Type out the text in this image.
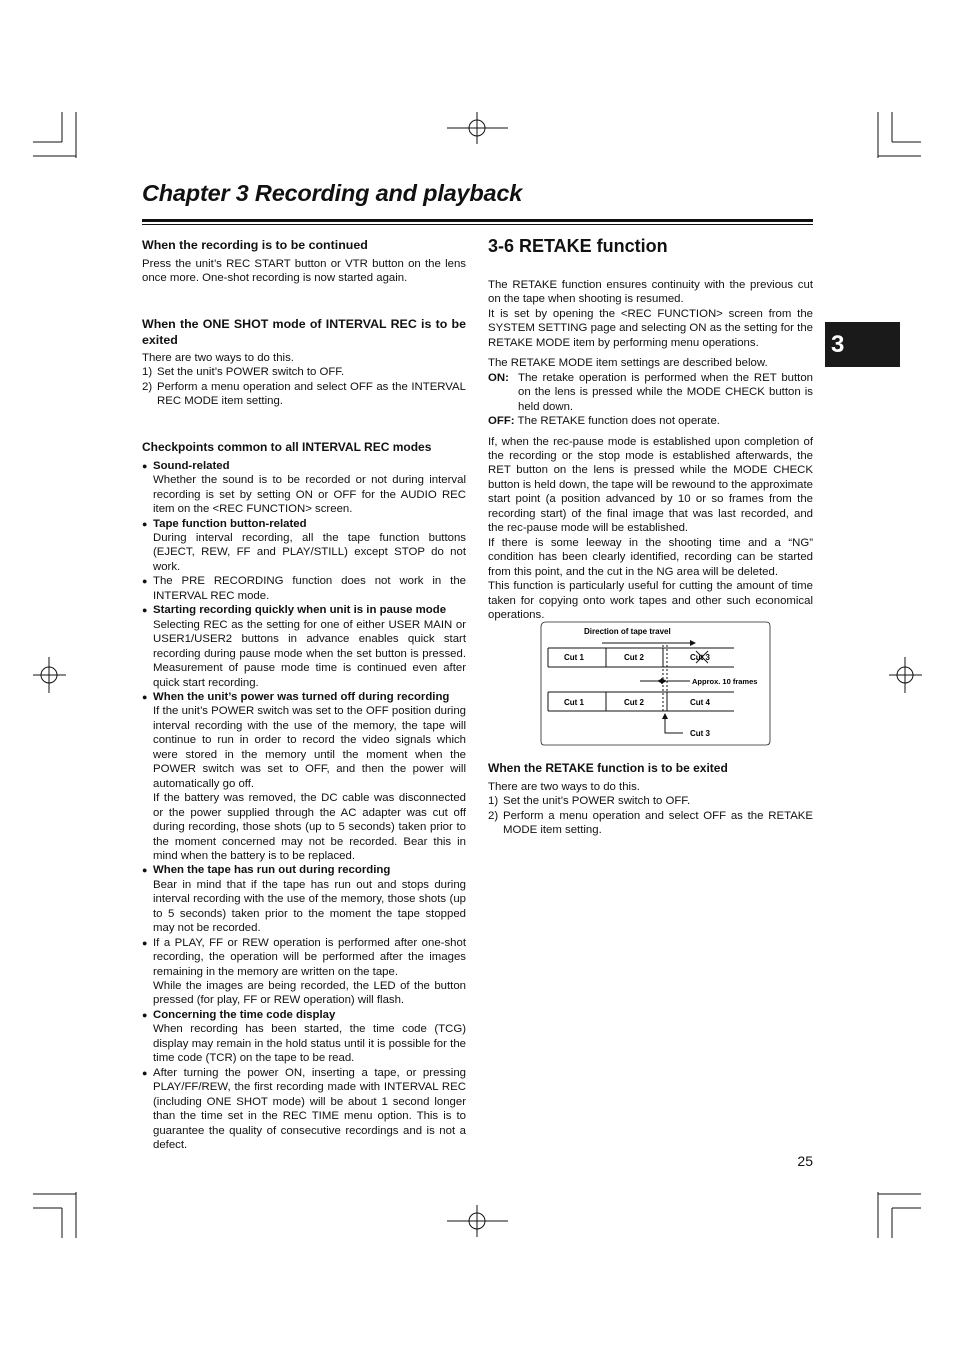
Chapter 3 Recording and playback
3

When the recording is to be continued

Press the unit’s REC START button or VTR button on the lens once more. One-shot recording is now started again.

When the ONE SHOT mode of INTERVAL REC is to be exited

There are two ways to do this.

1) Set the unit’s POWER switch to OFF.
2) Perform a menu operation and select OFF as the INTERVAL REC MODE item setting.

Checkpoints common to all INTERVAL REC modes

● Sound-related
Whether the sound is to be recorded or not during interval recording is set by setting ON or OFF for the AUDIO REC item on the <REC FUNCTION> screen.
● Tape function button-related
During interval recording, all the tape function buttons (EJECT, REW, FF and PLAY/STILL) except STOP do not work.
● The PRE RECORDING function does not work in the INTERVAL REC mode.
● Starting recording quickly when unit is in pause mode
Selecting REC as the setting for one of either USER MAIN or USER1/USER2 buttons in advance enables quick start recording during pause mode when the set button is pressed. Measurement of pause mode time is continued even after quick start recording.
● When the unit’s power was turned off during recording
If the unit’s POWER switch was set to the OFF position during interval recording with the use of the memory, the tape will continue to run in order to record the video signals which were stored in the memory until the moment when the POWER switch was set to OFF, and then the power will automatically go off.
If the battery was removed, the DC cable was disconnected or the power supplied through the AC adapter was cut off during recording, those shots (up to 5 seconds) taken prior to the moment concerned may not be recorded. Bear this in mind when the battery is to be replaced.
● When the tape has run out during recording
Bear in mind that if the tape has run out and stops during interval recording with the use of the memory, those shots (up to 5 seconds) taken prior to the moment the tape stopped may not be recorded.
● If a PLAY, FF or REW operation is performed after one-shot recording, the operation will be performed after the images remaining in the memory are written on the tape.
While the images are being recorded, the LED of the button pressed (for play, FF or REW operation) will flash.
● Concerning the time code display
When recording has been started, the time code (TCG) display may remain in the hold status until it is possible for the time code (TCR) on the tape to be read.
● After turning the power ON, inserting a tape, or pressing PLAY/FF/REW, the first recording made with INTERVAL REC (including ONE SHOT mode) will be about 1 second longer than the time set in the REC TIME menu option. This is to guarantee the quality of consecutive recordings and is not a defect.
3-6 RETAKE function

The RETAKE function ensures continuity with the previous cut on the tape when shooting is resumed.

It is set by opening the <REC FUNCTION> screen from the SYSTEM SETTING page and selecting ON as the setting for the RETAKE MODE item by performing menu operations.

The RETAKE MODE item settings are described below.

ON: The retake operation is performed when the RET button on the lens is pressed while the MODE CHECK button is held down.
OFF: The RETAKE function does not operate.

If, when the rec-pause mode is established upon completion of the recording or the stop mode is established afterwards, the RET button on the lens is pressed while the MODE CHECK button is held down, the tape will be rewound to the approximate start point (a position advanced by 10 or so frames from the recording start) of the final image that was last recorded, and the rec-pause mode will be established.

If there is some leeway in the shooting time and a “NG” condition has been clearly identified, recording can be started from this point, and the cut in the NG area will be deleted.

This function is particularly useful for cutting the amount of time taken for copying onto work tapes and other such economical operations.

Direction of tape travel
Cut 1	Cut 2	Cut 3
Approx. 10 frames
Cut 1	Cut 2	Cut 4
Cut 3

When the RETAKE function is to be exited

There are two ways to do this.

1) Set the unit’s POWER switch to OFF.
2) Perform a menu operation and select OFF as the RETAKE MODE item setting.
25
